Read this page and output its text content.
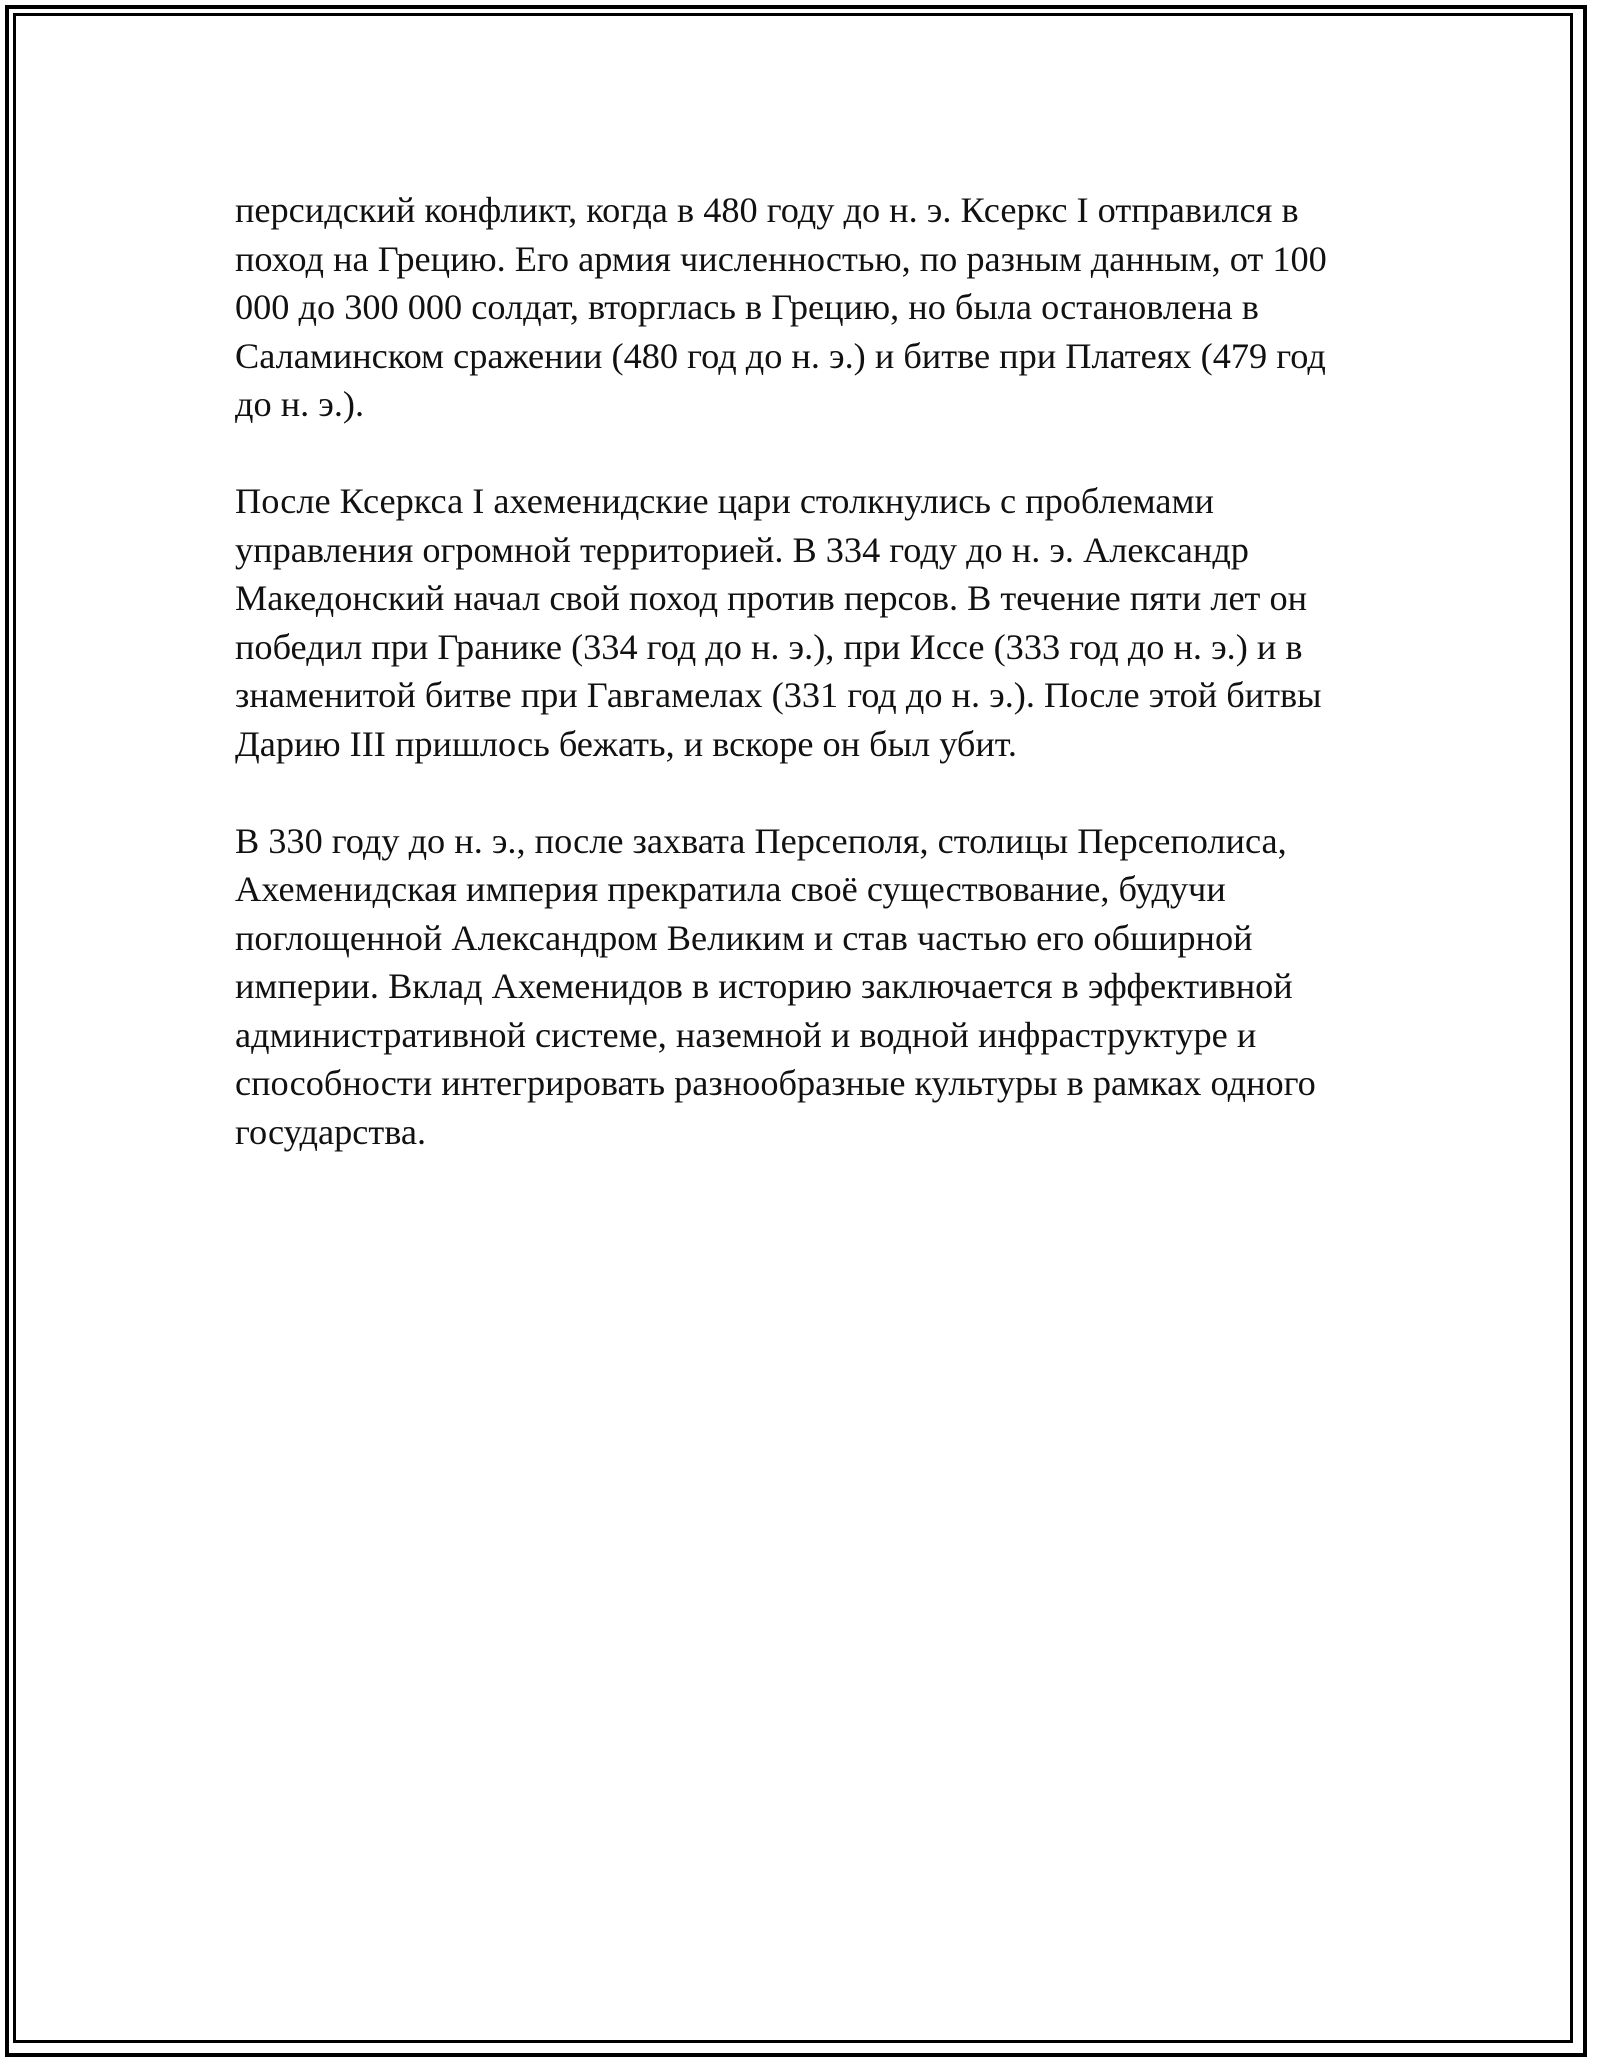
персидский конфликт, когда в 480 году до н. э. Ксеркс I отправился в поход на Грецию. Его армия численностью, по разным данным, от 100 000 до 300 000 солдат, вторглась в Грецию, но была остановлена в Саламинском сражении (480 год до н. э.) и битве при Платеях (479 год до н. э.).

После Ксеркса I ахеменидские цари столкнулись с проблемами управления огромной территорией. В 334 году до н. э. Александр Македонский начал свой поход против персов. В течение пяти лет он победил при Гранике (334 год до н. э.), при Иссе (333 год до н. э.) и в знаменитой битве при Гавгамелах (331 год до н. э.). После этой битвы Дарию III пришлось бежать, и вскоре он был убит.

В 330 году до н. э., после захвата Персеполя, столицы Персеполиса, Ахеменидская империя прекратила своё существование, будучи поглощенной Александром Великим и став частью его обширной империи. Вклад Ахеменидов в историю заключается в эффективной административной системе, наземной и водной инфраструктуре и способности интегрировать разнообразные культуры в рамках одного государства.
